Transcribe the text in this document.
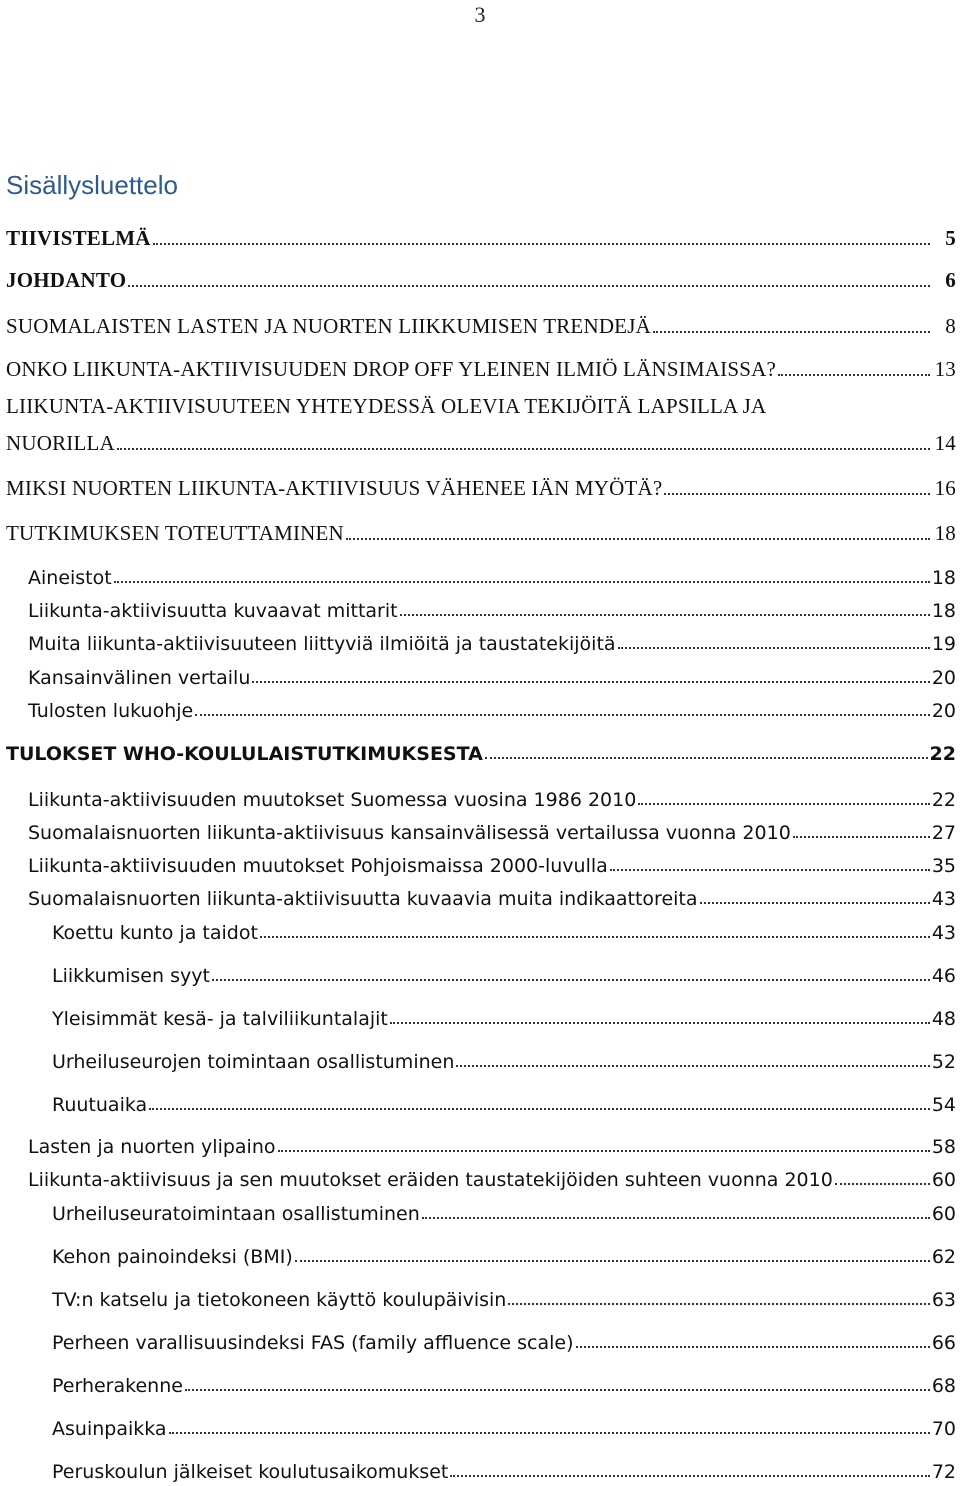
3
Sisällysluettelo
TIIVISTELMÄ	5
JOHDANTO	6
SUOMALAISTEN LASTEN JA NUORTEN LIIKKUMISEN TRENDEJÄ	8
ONKO LIIKUNTA-AKTIIVISUUDEN DROP OFF YLEINEN ILMIÖ LÄNSIMAISSA?	13
LIIKUNTA-AKTIIVISUUTEEN YHTEYDESSÄ OLEVIA TEKIJÖITÄ LAPSILLA JA
NUORILLA	14
MIKSI NUORTEN LIIKUNTA-AKTIIVISUUS VÄHENEE IÄN MYÖTÄ?	16
TUTKIMUKSEN TOTEUTTAMINEN	18
Aineistot	18
Liikunta-aktiivisuutta kuvaavat mittarit	18
Muita liikunta-aktiivisuuteen liittyviä ilmiöitä ja taustatekijöitä	19
Kansainvälinen vertailu	20
Tulosten lukuohje	20
TULOKSET WHO-KOULULAISTUTKIMUKSESTA	22
Liikunta-aktiivisuuden muutokset Suomessa vuosina 1986 2010	22
Suomalaisnuorten liikunta-aktiivisuus kansainvälisessä vertailussa vuonna 2010	27
Liikunta-aktiivisuuden muutokset Pohjoismaissa 2000-luvulla	35
Suomalaisnuorten liikunta-aktiivisuutta kuvaavia muita indikaattoreita	43
Koettu kunto ja taidot	43
Liikkumisen syyt	46
Yleisimmät kesä- ja talviliikuntalajit	48
Urheiluseurojen toimintaan osallistuminen	52
Ruutuaika	54
Lasten ja nuorten ylipaino	58
Liikunta-aktiivisuus ja sen muutokset eräiden taustatekijöiden suhteen vuonna 2010	60
Urheiluseuratoimintaan osallistuminen	60
Kehon painoindeksi (BMI)	62
TV:n katselu ja tietokoneen käyttö koulupäivisin	63
Perheen varallisuusindeksi FAS (family affluence scale)	66
Perherakenne	68
Asuinpaikka	70
Peruskoulun jälkeiset koulutusaikomukset	72
